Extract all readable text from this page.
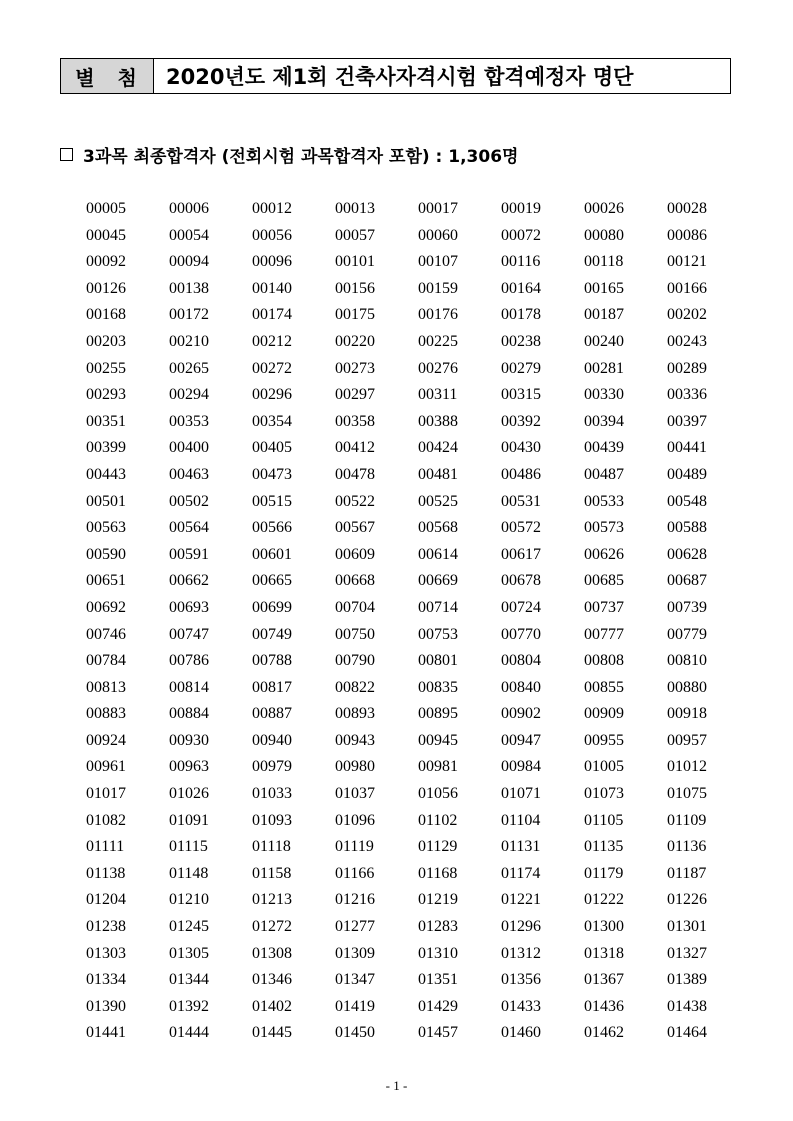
별 첨	2020년도 제1회 건축사자격시험 합격예정자 명단
3과목 최종합격자 (전회시험 과목합격자 포함) : 1,306명
00005	00006	00012	00013	00017	00019	00026	00028
00045	00054	00056	00057	00060	00072	00080	00086
00092	00094	00096	00101	00107	00116	00118	00121
00126	00138	00140	00156	00159	00164	00165	00166
00168	00172	00174	00175	00176	00178	00187	00202
00203	00210	00212	00220	00225	00238	00240	00243
00255	00265	00272	00273	00276	00279	00281	00289
00293	00294	00296	00297	00311	00315	00330	00336
00351	00353	00354	00358	00388	00392	00394	00397
00399	00400	00405	00412	00424	00430	00439	00441
00443	00463	00473	00478	00481	00486	00487	00489
00501	00502	00515	00522	00525	00531	00533	00548
00563	00564	00566	00567	00568	00572	00573	00588
00590	00591	00601	00609	00614	00617	00626	00628
00651	00662	00665	00668	00669	00678	00685	00687
00692	00693	00699	00704	00714	00724	00737	00739
00746	00747	00749	00750	00753	00770	00777	00779
00784	00786	00788	00790	00801	00804	00808	00810
00813	00814	00817	00822	00835	00840	00855	00880
00883	00884	00887	00893	00895	00902	00909	00918
00924	00930	00940	00943	00945	00947	00955	00957
00961	00963	00979	00980	00981	00984	01005	01012
01017	01026	01033	01037	01056	01071	01073	01075
01082	01091	01093	01096	01102	01104	01105	01109
01111	01115	01118	01119	01129	01131	01135	01136
01138	01148	01158	01166	01168	01174	01179	01187
01204	01210	01213	01216	01219	01221	01222	01226
01238	01245	01272	01277	01283	01296	01300	01301
01303	01305	01308	01309	01310	01312	01318	01327
01334	01344	01346	01347	01351	01356	01367	01389
01390	01392	01402	01419	01429	01433	01436	01438
01441	01444	01445	01450	01457	01460	01462	01464
- 1 -
